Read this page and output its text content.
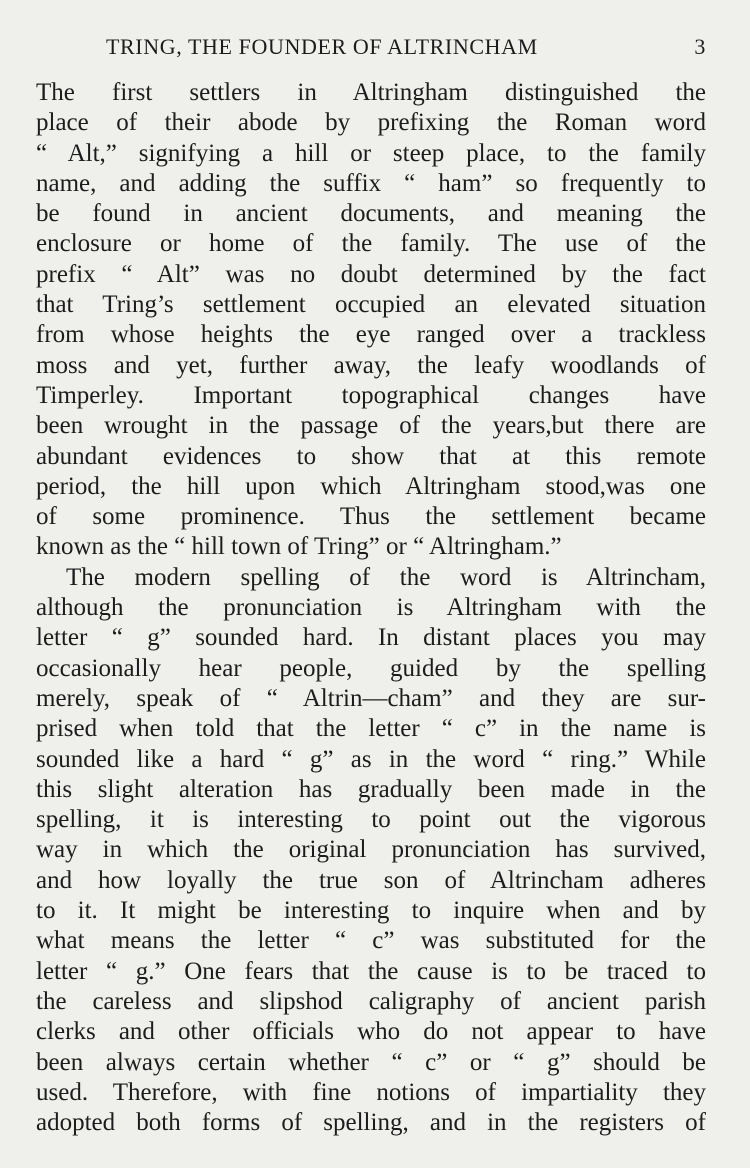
TRING, THE FOUNDER OF ALTRINCHAM	3
The first settlers in Altringham distinguished the
place of their abode by prefixing the Roman word
“ Alt,” signifying a hill or steep place, to the family
name, and adding the suffix “ ham” so frequently to
be found in ancient documents, and meaning the
enclosure or home of the family. The use of the
prefix “ Alt” was no doubt determined by the fact
that Tring’s settlement occupied an elevated situation
from whose heights the eye ranged over a trackless
moss and yet, further away, the leafy woodlands of
Timperley. Important topographical changes have
been wrought in the passage of the years,but there are
abundant evidences to show that at this remote
period, the hill upon which Altringham stood,was one
of some prominence. Thus the settlement became
known as the “ hill town of Tring” or “ Altringham.”
The modern spelling of the word is Altrincham,
although the pronunciation is Altringham with the
letter “ g” sounded hard. In distant places you may
occasionally hear people, guided by the spelling
merely, speak of “ Altrin—cham” and they are sur-
prised when told that the letter “ c” in the name is
sounded like a hard “ g” as in the word “ ring.” While
this slight alteration has gradually been made in the
spelling, it is interesting to point out the vigorous
way in which the original pronunciation has survived,
and how loyally the true son of Altrincham adheres
to it. It might be interesting to inquire when and by
what means the letter “ c” was substituted for the
letter “ g.” One fears that the cause is to be traced to
the careless and slipshod caligraphy of ancient parish
clerks and other officials who do not appear to have
been always certain whether “ c” or “ g” should be
used. Therefore, with fine notions of impartiality they
adopted both forms of spelling, and in the registers of
